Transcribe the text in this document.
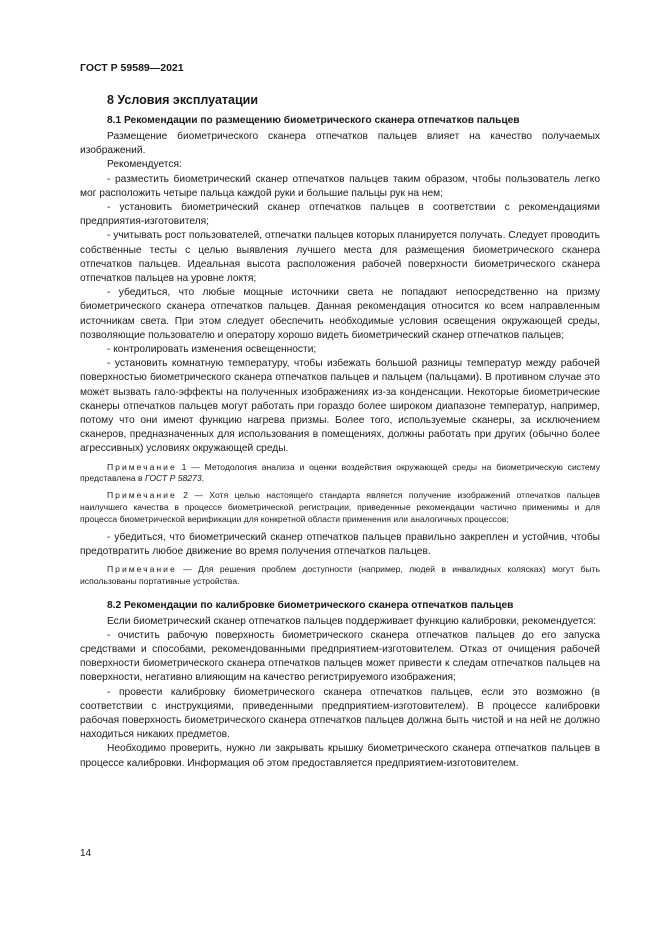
ГОСТ Р 59589—2021
8 Условия эксплуатации
8.1 Рекомендации по размещению биометрического сканера отпечатков пальцев

Размещение биометрического сканера отпечатков пальцев влияет на качество получаемых изображений.

Рекомендуется:

- разместить биометрический сканер отпечатков пальцев таким образом, чтобы пользователь легко мог расположить четыре пальца каждой руки и большие пальцы рук на нем;

- установить биометрический сканер отпечатков пальцев в соответствии с рекомендациями предприятия-изготовителя;

- учитывать рост пользователей, отпечатки пальцев которых планируется получать. Следует проводить собственные тесты с целью выявления лучшего места для размещения биометрического сканера отпечатков пальцев. Идеальная высота расположения рабочей поверхности биометрического сканера отпечатков пальцев на уровне локтя;

- убедиться, что любые мощные источники света не попадают непосредственно на призму биометрического сканера отпечатков пальцев. Данная рекомендация относится ко всем направленным источникам света. При этом следует обеспечить необходимые условия освещения окружающей среды, позволяющие пользователю и оператору хорошо видеть биометрический сканер отпечатков пальцев;

- контролировать изменения освещенности;

- установить комнатную температуру, чтобы избежать большой разницы температур между рабочей поверхностью биометрического сканера отпечатков пальцев и пальцем (пальцами). В противном случае это может вызвать гало-эффекты на полученных изображениях из-за конденсации. Некоторые биометрические сканеры отпечатков пальцев могут работать при гораздо более широком диапазоне температур, например, потому что они имеют функцию нагрева призмы. Более того, используемые сканеры, за исключением сканеров, предназначенных для использования в помещениях, должны работать при других (обычно более агрессивных) условиях окружающей среды.

Примечание 1 — Методология анализа и оценки воздействия окружающей среды на биометрическую систему представлена в ГОСТ Р 58273.

Примечание 2 — Хотя целью настоящего стандарта является получение изображений отпечатков пальцев наилучшего качества в процессе биометрической регистрации, приведенные рекомендации частично применимы и для процесса биометрической верификации для конкретной области применения или аналогичных процессов;

- убедиться, что биометрический сканер отпечатков пальцев правильно закреплен и устойчив, чтобы предотвратить любое движение во время получения отпечатков пальцев.

Примечание — Для решения проблем доступности (например, людей в инвалидных колясках) могут быть использованы портативные устройства.

8.2 Рекомендации по калибровке биометрического сканера отпечатков пальцев

Если биометрический сканер отпечатков пальцев поддерживает функцию калибровки, рекомендуется:

- очистить рабочую поверхность биометрического сканера отпечатков пальцев до его запуска средствами и способами, рекомендованными предприятием-изготовителем. Отказ от очищения рабочей поверхности биометрического сканера отпечатков пальцев может привести к следам отпечатков пальцев на поверхности, негативно влияющим на качество регистрируемого изображения;

- провести калибровку биометрического сканера отпечатков пальцев, если это возможно (в соответствии с инструкциями, приведенными предприятием-изготовителем). В процессе калибровки рабочая поверхность биометрического сканера отпечатков пальцев должна быть чистой и на ней не должно находиться никаких предметов.

Необходимо проверить, нужно ли закрывать крышку биометрического сканера отпечатков пальцев в процессе калибровки. Информация об этом предоставляется предприятием-изготовителем.

14
